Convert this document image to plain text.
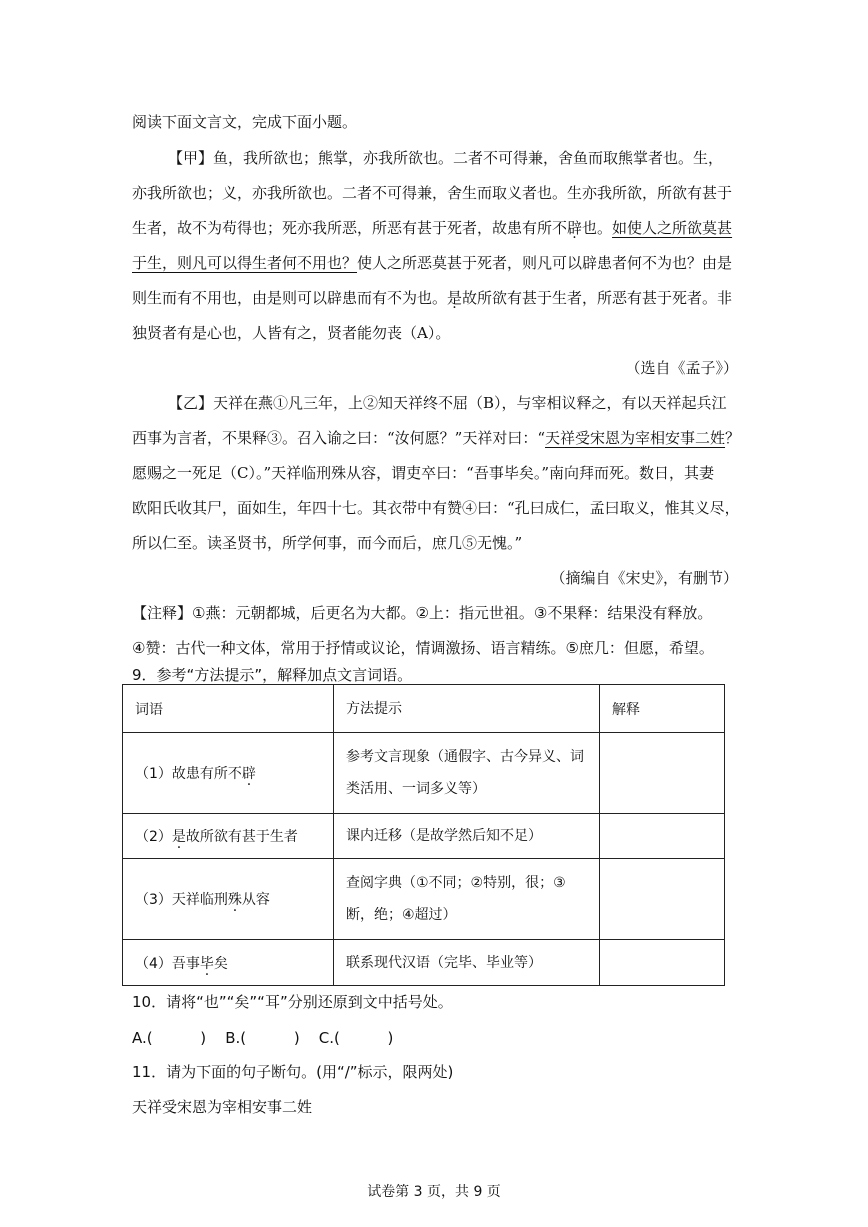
阅读下面文言文，完成下面小题。
【甲】鱼，我所欲也；熊掌，亦我所欲也。二者不可得兼，舍鱼而取熊掌者也。生，
亦我所欲也；义，亦我所欲也。二者不可得兼，舍生而取义者也。生亦我所欲，所欲有甚于
生者，故不为苟得也；死亦我所恶，所恶有甚于死者，故患有所不辟也。如使人之所欲莫甚
于生，则凡可以得生者何不用也？使人之所恶莫甚于死者，则凡可以辟患者何不为也？由是
则生而有不用也，由是则可以辟患而有不为也。是故所欲有甚于生者，所恶有甚于死者。非
独贤者有是心也，人皆有之，贤者能勿丧（A）。
（选自《孟子》）
【乙】天祥在燕①凡三年，上②知天祥终不屈（B），与宰相议释之，有以天祥起兵江
西事为言者，不果释③。召入谕之曰：“汝何愿？”天祥对曰：“天祥受宋恩为宰相安事二姓？
愿赐之一死足（C）。”天祥临刑殊从容，谓吏卒曰：“吾事毕矣。”南向拜而死。数日，其妻
欧阳氏收其尸，面如生，年四十七。其衣带中有赞④曰：“孔曰成仁，孟曰取义，惟其义尽，
所以仁至。读圣贤书，所学何事，而今而后，庶几⑤无愧。”
（摘编自《宋史》，有删节）
【注释】①燕：元朝都城，后更名为大都。②上：指元世祖。③不果释：结果没有释放。
④赞：古代一种文体，常用于抒情或议论，情调激扬、语言精练。⑤庶几：但愿，希望。
9．参考“方法提示”，解释加点文言词语。
词语	方法提示	解释
（1）故患有所不辟	参考文言现象（通假字、古今异义、词类活用、一词多义等）	
（2）是故所欲有甚于生者	课内迁移（是故学然后知不足）	
（3）天祥临刑殊从容	查阅字典（①不同；②特别，很；③断，绝；④超过）	
（4）吾事毕矣	联系现代汉语（完毕、毕业等）	
10．请将“也”“矣”“耳”分别还原到文中括号处。
A.(          )    B.(          )    C.(          )
11．请为下面的句子断句。(用“/”标示，限两处)
天祥受宋恩为宰相安事二姓
试卷第 3 页，共 9 页
